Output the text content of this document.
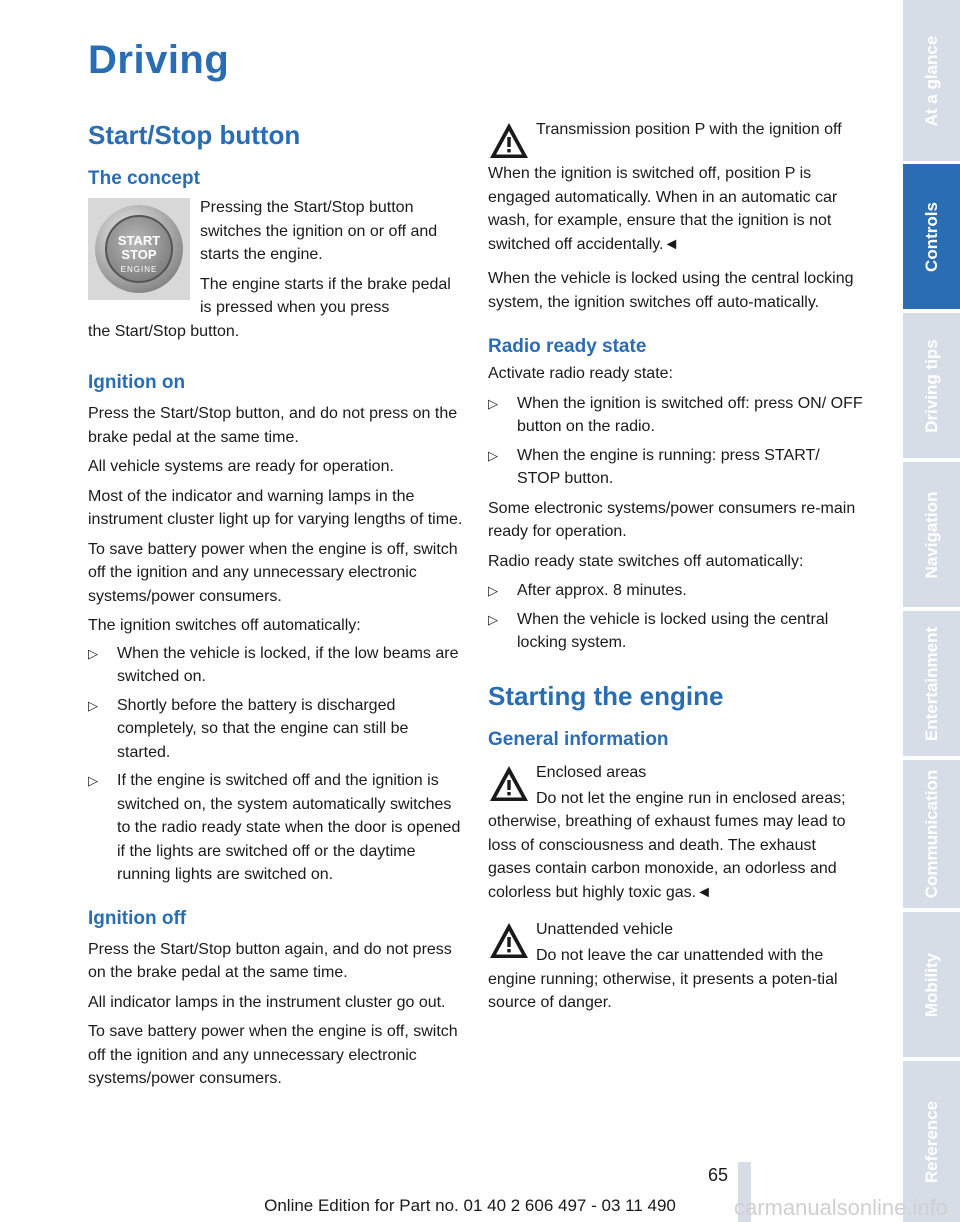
Driving
Start/Stop button
The concept
START
STOP
ENGINE

Pressing the Start/Stop button switches the ignition on or off and starts the engine.

The engine starts if the brake pedal is pressed when you press

the Start/Stop button.

Ignition on

Press the Start/Stop button, and do not press on the brake pedal at the same time.

All vehicle systems are ready for operation.

Most of the indicator and warning lamps in the instrument cluster light up for varying lengths of time.

To save battery power when the engine is off, switch off the ignition and any unnecessary electronic systems/power consumers.

The ignition switches off automatically:

▷ When the vehicle is locked, if the low beams are switched on.
▷ Shortly before the battery is discharged completely, so that the engine can still be started.
▷ If the engine is switched off and the ignition is switched on, the system automatically switches to the radio ready state when the door is opened if the lights are switched off or the daytime running lights are switched on.
Ignition off

Press the Start/Stop button again, and do not press on the brake pedal at the same time.

All indicator lamps in the instrument cluster go out.

To save battery power when the engine is off, switch off the ignition and any unnecessary electronic systems/power consumers.

Transmission position P with the ignition off

When the ignition is switched off, position P is engaged automatically. When in an automatic car wash, for example, ensure that the ignition is not switched off accidentally.◄

When the vehicle is locked using the central locking system, the ignition switches off auto-matically.

Radio ready state

Activate radio ready state:

▷ When the ignition is switched off: press ON/ OFF button on the radio.
▷ When the engine is running: press START/ STOP button.

Some electronic systems/power consumers re-main ready for operation.

Radio ready state switches off automatically:

▷ After approx. 8 minutes.
▷ When the vehicle is locked using the central locking system.
Starting the engine
General information

Enclosed areas

Do not let the engine run in enclosed areas; otherwise, breathing of exhaust fumes may lead to loss of consciousness and death. The exhaust gases contain carbon monoxide, an odorless and colorless but highly toxic gas.◄

Unattended vehicle

Do not leave the car unattended with the engine running; otherwise, it presents a poten-tial source of danger.

At a glance
Controls
Driving tips
Navigation
Entertainment
Communication
Mobility
Reference
65
Online Edition for Part no. 01 40 2 606 497 - 03 11 490	carmanualsonline.info
